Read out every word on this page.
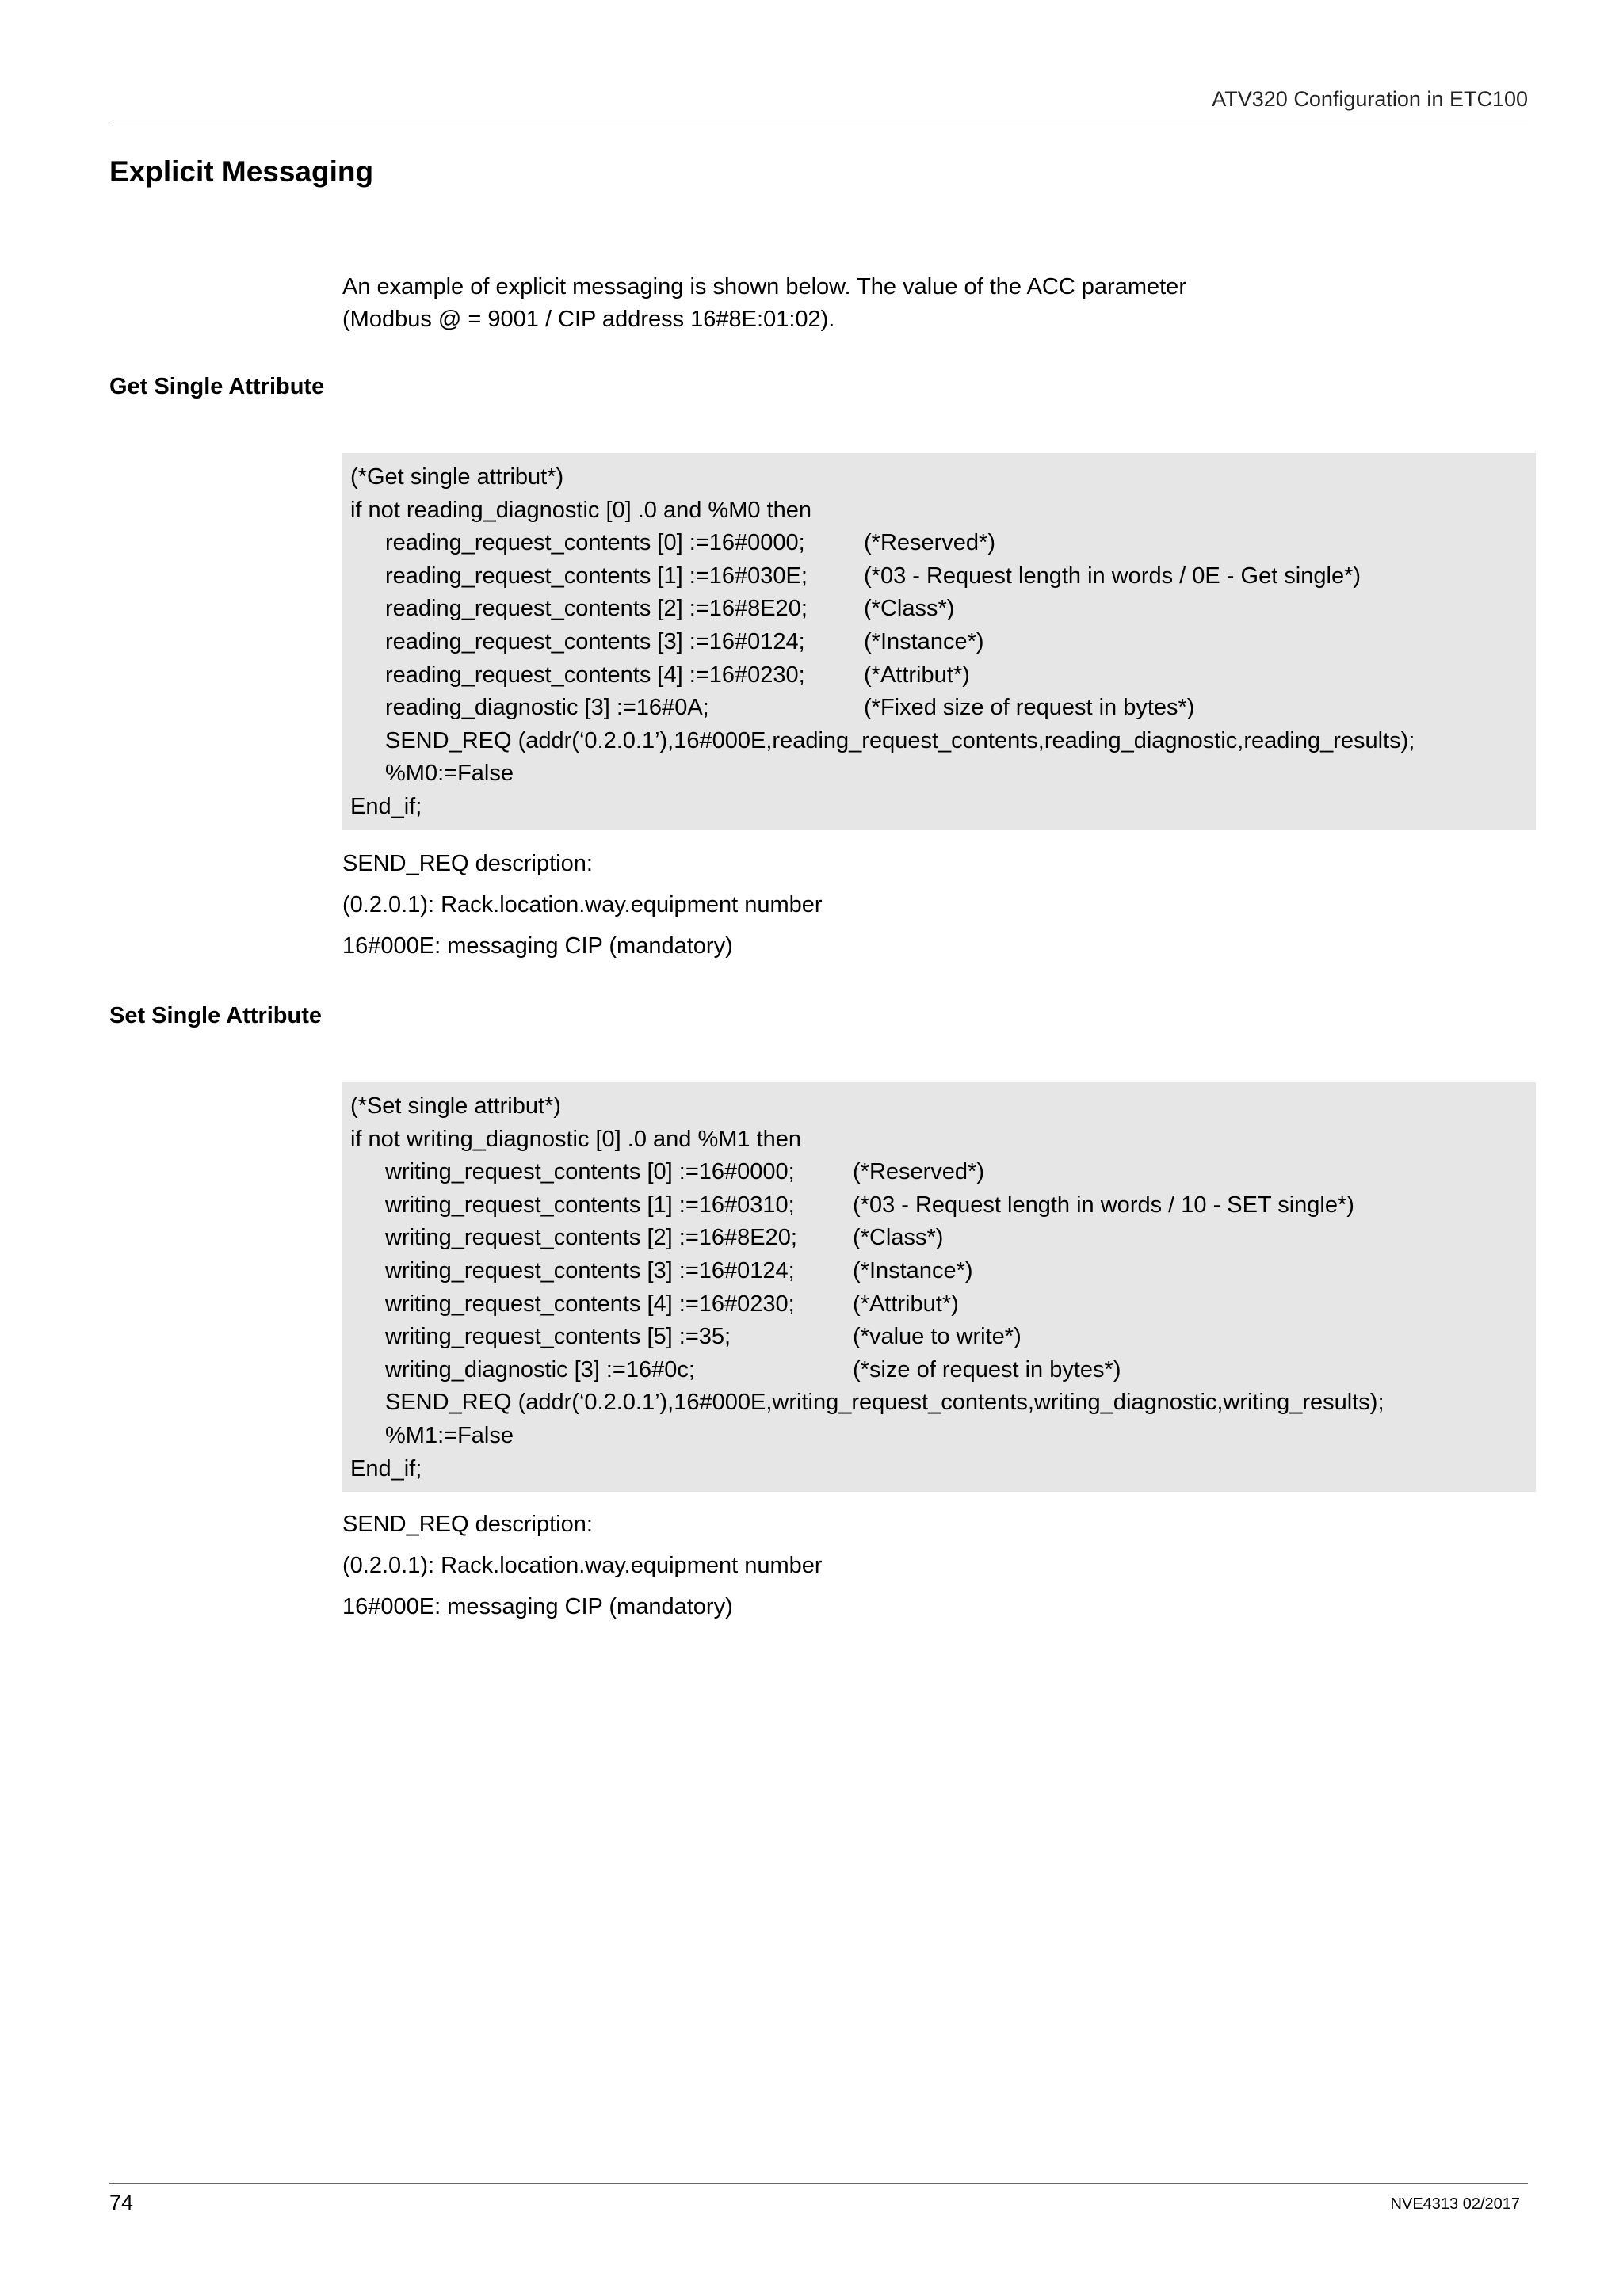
ATV320 Configuration in ETC100
Explicit Messaging

An example of explicit messaging is shown below. The value of the ACC parameter

(Modbus @ = 9001 / CIP address 16#8E:01:02).

Get Single Attribute
(*Get single attribut*)
if not reading_diagnostic [0] .0 and %M0 then
reading_request_contents [0] :=16#0000;	(*Reserved*)
reading_request_contents [1] :=16#030E;	(*03 - Request length in words / 0E - Get single*)
reading_request_contents [2] :=16#8E20;	(*Class*)
reading_request_contents [3] :=16#0124;	(*Instance*)
reading_request_contents [4] :=16#0230;	(*Attribut*)
reading_diagnostic [3] :=16#0A;	(*Fixed size of request in bytes*)
SEND_REQ (addr(‘0.2.0.1’),16#000E,reading_request_contents,reading_diagnostic,reading_results);
%M0:=False
End_if;
SEND_REQ description:
(0.2.0.1): Rack.location.way.equipment number
16#000E: messaging CIP (mandatory)
Set Single Attribute
(*Set single attribut*)
if not writing_diagnostic [0] .0 and %M1 then
writing_request_contents [0] :=16#0000;	(*Reserved*)
writing_request_contents [1] :=16#0310;	(*03 - Request length in words / 10 - SET single*)
writing_request_contents [2] :=16#8E20;	(*Class*)
writing_request_contents [3] :=16#0124;	(*Instance*)
writing_request_contents [4] :=16#0230;	(*Attribut*)
writing_request_contents [5] :=35;	(*value to write*)
writing_diagnostic [3] :=16#0c;	(*size of request in bytes*)
SEND_REQ (addr(‘0.2.0.1’),16#000E,writing_request_contents,writing_diagnostic,writing_results);
%M1:=False
End_if;
SEND_REQ description:
(0.2.0.1): Rack.location.way.equipment number
16#000E: messaging CIP (mandatory)
74	NVE4313 02/2017
